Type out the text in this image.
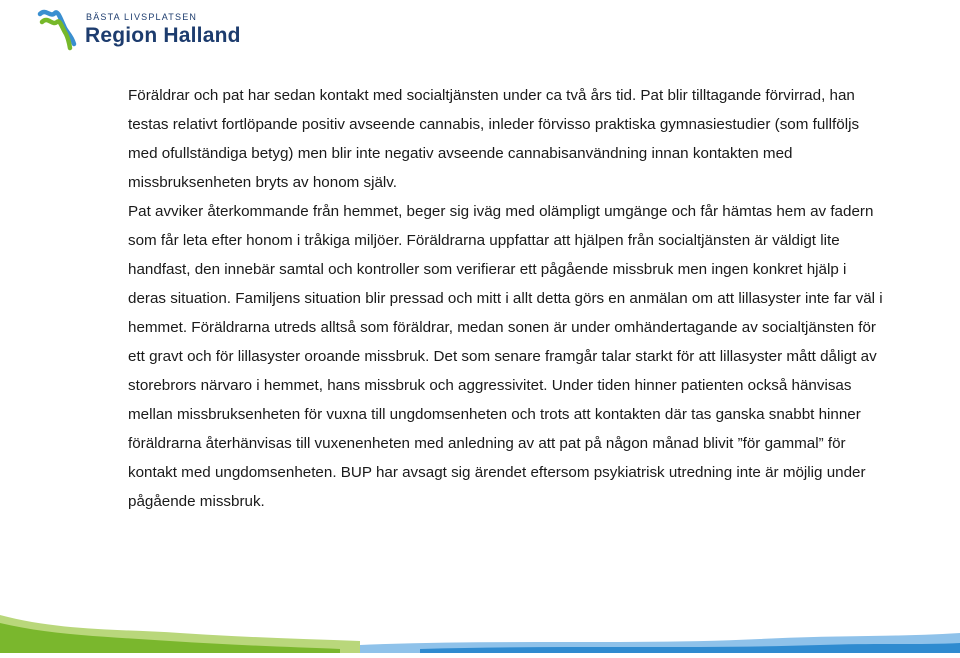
BÄSTA LIVSPLATSEN
Region Halland

Föräldrar och pat har sedan kontakt med socialtjänsten under ca två års tid. Pat blir tilltagande förvirrad, han testas relativt fortlöpande positiv avseende cannabis, inleder förvisso praktiska gymnasiestudier (som fullföljs med ofullständiga betyg) men blir inte negativ avseende cannabisanvändning innan kontakten med missbruksenheten bryts av honom själv.

Pat avviker återkommande från hemmet, beger sig iväg med olämpligt umgänge och får hämtas hem av fadern som får leta efter honom i tråkiga miljöer. Föräldrarna uppfattar att hjälpen från socialtjänsten är väldigt lite handfast, den innebär samtal och kontroller som verifierar ett pågående missbruk men ingen konkret hjälp i deras situation. Familjens situation blir pressad och mitt i allt detta görs en anmälan om att lillasyster inte far väl i hemmet. Föräldrarna utreds alltså som föräldrar, medan sonen är under omhändertagande av socialtjänsten för ett gravt och för lillasyster oroande missbruk. Det som senare framgår talar starkt för att lillasyster mått dåligt av storebrors närvaro i hemmet, hans missbruk och aggressivitet. Under tiden hinner patienten också hänvisas mellan missbruksenheten för vuxna till ungdomsenheten och trots att kontakten där tas ganska snabbt hinner föräldrarna återhänvisas till vuxenenheten med anledning av att pat på någon månad blivit ”för gammal” för kontakt med ungdomsenheten. BUP har avsagt sig ärendet eftersom psykiatrisk utredning inte är möjlig under pågående missbruk.
